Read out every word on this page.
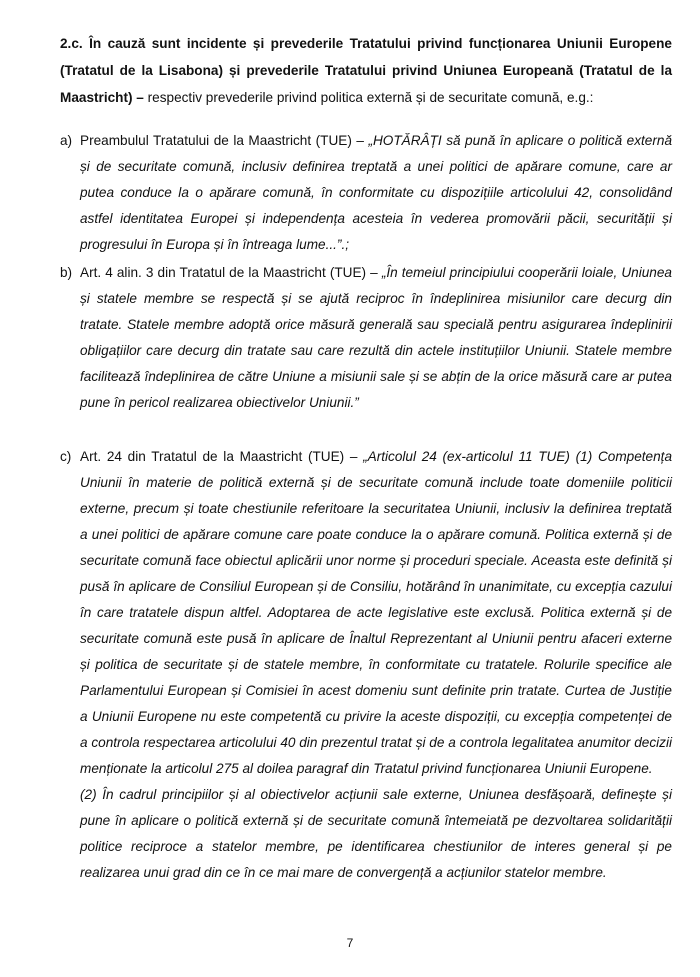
2.c. În cauză sunt incidente și prevederile Tratatului privind funcționarea Uniunii Europene (Tratatul de la Lisabona) și prevederile Tratatului privind Uniunea Europeană (Tratatul de la Maastricht) – respectiv prevederile privind politica externă și de securitate comună, e.g.:

a) Preambulul Tratatului de la Maastricht (TUE) – „HOTĂRÂȚI să pună în aplicare o politică externă și de securitate comună, inclusiv definirea treptată a unei politici de apărare comune, care ar putea conduce la o apărare comună, în conformitate cu dispozițiile articolului 42, consolidând astfel identitatea Europei și independența acesteia în vederea promovării păcii, securității și progresului în Europa și în întreaga lume...”.;

b) Art. 4 alin. 3 din Tratatul de la Maastricht (TUE) – „În temeiul principiului cooperării loiale, Uniunea și statele membre se respectă și se ajută reciproc în îndeplinirea misiunilor care decurg din tratate. Statele membre adoptă orice măsură generală sau specială pentru asigurarea îndeplinirii obligațiilor care decurg din tratate sau care rezultă din actele instituțiilor Uniunii. Statele membre facilitează îndeplinirea de către Uniune a misiunii sale și se abțin de la orice măsură care ar putea pune în pericol realizarea obiectivelor Uniunii.”

c) Art. 24 din Tratatul de la Maastricht (TUE) – „Articolul 24 (ex-articolul 11 TUE) (1) Competența Uniunii în materie de politică externă și de securitate comună include toate domeniile politicii externe, precum și toate chestiunile referitoare la securitatea Uniunii, inclusiv la definirea treptată a unei politici de apărare comune care poate conduce la o apărare comună. Politica externă și de securitate comună face obiectul aplicării unor norme și proceduri speciale. Aceasta este definită și pusă în aplicare de Consiliul European și de Consiliu, hotărând în unanimitate, cu excepția cazului în care tratatele dispun altfel. Adoptarea de acte legislative este exclusă. Politica externă și de securitate comună este pusă în aplicare de Înaltul Reprezentant al Uniunii pentru afaceri externe și politica de securitate și de statele membre, în conformitate cu tratatele. Rolurile specifice ale Parlamentului European și Comisiei în acest domeniu sunt definite prin tratate. Curtea de Justiție a Uniunii Europene nu este competentă cu privire la aceste dispoziții, cu excepția competenței de a controla respectarea articolului 40 din prezentul tratat și de a controla legalitatea anumitor decizii menționate la articolul 275 al doilea paragraf din Tratatul privind funcționarea Uniunii Europene.

(2) În cadrul principiilor și al obiectivelor acțiunii sale externe, Uniunea desfășoară, definește și pune în aplicare o politică externă și de securitate comună întemeiată pe dezvoltarea solidarității politice reciproce a statelor membre, pe identificarea chestiunilor de interes general și pe realizarea unui grad din ce în ce mai mare de convergență a acțiunilor statelor membre.

7
